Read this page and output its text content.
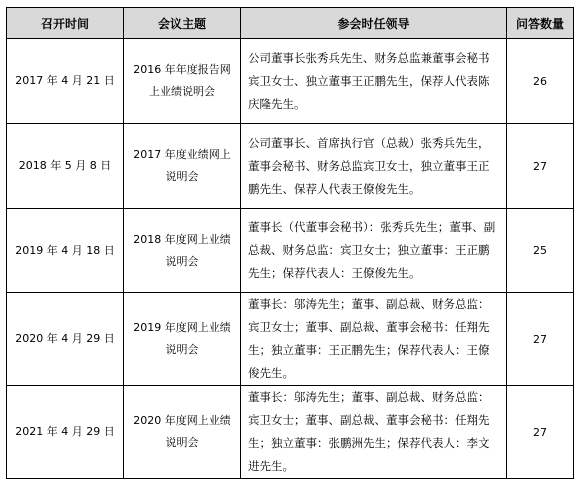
召开时间	会议主题	参会时任领导	问答数量
2017 年 4 月 21 日	2016 年年度报告网上业绩说明会	公司董事长张秀兵先生、财务总监兼董事会秘书宾卫女士、独立董事王正鹏先生，保荐人代表陈庆隆先生。	26
2018 年 5 月 8 日	2017 年度业绩网上说明会	公司董事长、首席执行官（总裁）张秀兵先生，董事会秘书、财务总监宾卫女士，独立董事王正鹏先生、保荐人代表王僚俊先生。	27
2019 年 4 月 18 日	2018 年度网上业绩说明会	董事长（代董事会秘书）：张秀兵先生；董事、副总裁、财务总监：宾卫女士；独立董事：王正鹏先生；保荐代表人：王僚俊先生。	25
2020 年 4 月 29 日	2019 年度网上业绩说明会	董事长：邬涛先生；董事、副总裁、财务总监：宾卫女士；董事、副总裁、董事会秘书：任翔先生；独立董事：王正鹏先生；保荐代表人：王僚俊先生。	27
2021 年 4 月 29 日	2020 年度网上业绩说明会	董事长：邬涛先生；董事、副总裁、财务总监：宾卫女士；董事、副总裁、董事会秘书：任翔先生；独立董事：张鹏洲先生；保荐代表人：李文进先生。	27
